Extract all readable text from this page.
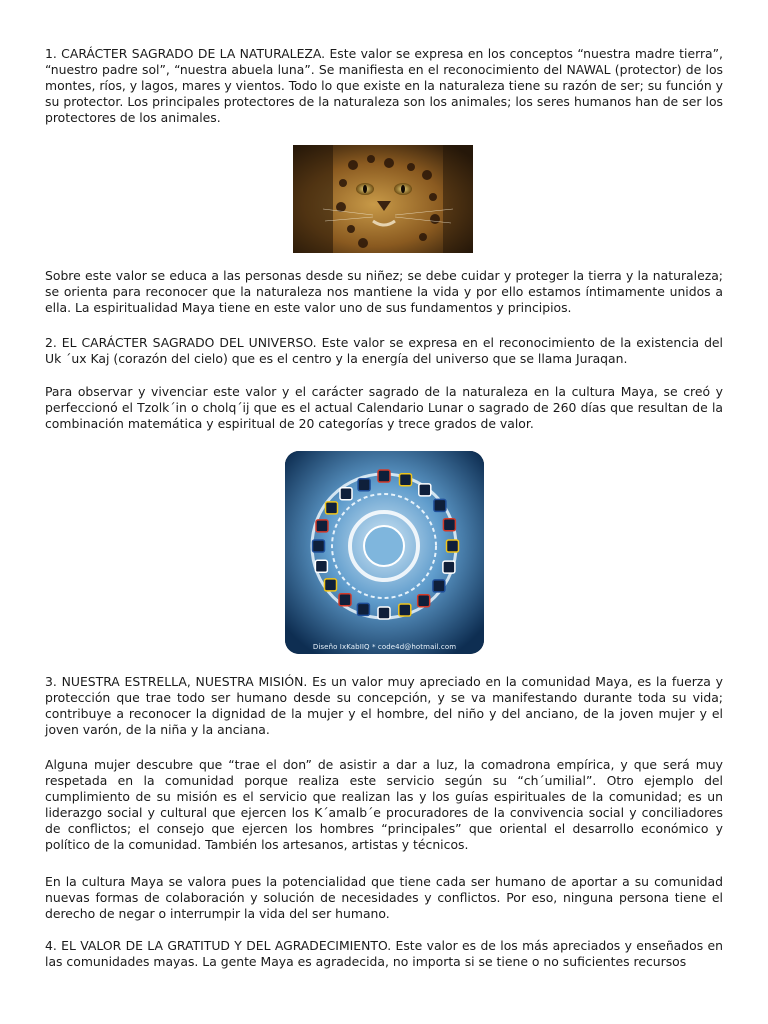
1. CARÁCTER SAGRADO DE LA NATURALEZA. Este valor se expresa en los conceptos “nuestra madre tierra”, “nuestro padre sol”, “nuestra abuela luna”. Se manifiesta en el reconocimiento del NAWAL (protector) de los montes, ríos, y lagos, mares y vientos. Todo lo que existe en la naturaleza tiene su razón de ser; su función y su protector. Los principales protectores de la naturaleza son los animales; los seres humanos han de ser los protectores de los animales.

Sobre este valor se educa a las personas desde su niñez; se debe cuidar y proteger la tierra y la naturaleza; se orienta para reconocer que la naturaleza nos mantiene la vida y por ello estamos íntimamente unidos a ella. La espiritualidad Maya tiene en este valor uno de sus fundamentos y principios.

2. EL CARÁCTER SAGRADO DEL UNIVERSO. Este valor se expresa en el reconocimiento de la existencia del Uk ´ux Kaj (corazón del cielo) que es el centro y la energía del universo que se llama Juraqan.

Para observar y vivenciar este valor y el carácter sagrado de la naturaleza en la cultura Maya, se creó y perfeccionó el Tzolk´in o cholq´ij que es el actual Calendario Lunar o sagrado de 260 días que resultan de la combinación matemática y espiritual de 20 categorías y trece grados de valor.

Diseño IxKabIIQ * code4d@hotmail.com

3. NUESTRA ESTRELLA, NUESTRA MISIÓN. Es un valor muy apreciado en la comunidad Maya, es la fuerza y protección que trae todo ser humano desde su concepción, y se va manifestando durante toda su vida; contribuye a reconocer la dignidad de la mujer y el hombre, del niño y del anciano, de la joven mujer y el joven varón, de la niña y la anciana.

Alguna mujer descubre que “trae el don” de asistir a dar a luz, la comadrona empírica, y que será muy respetada en la comunidad porque realiza este servicio según su “ch´umilial”. Otro ejemplo del cumplimiento de su misión es el servicio que realizan las y los guías espirituales de la comunidad; es un liderazgo social y cultural que ejercen los K´amalb´e procuradores de la convivencia social y conciliadores de conflictos; el consejo que ejercen los hombres “principales” que oriental el desarrollo económico y político de la comunidad. También los artesanos, artistas y técnicos.

En la cultura Maya se valora pues la potencialidad que tiene cada ser humano de aportar a su comunidad nuevas formas de colaboración y solución de necesidades y conflictos. Por eso, ninguna persona tiene el derecho de negar o interrumpir la vida del ser humano.

4. EL VALOR DE LA GRATITUD Y DEL AGRADECIMIENTO. Este valor es de los más apreciados y enseñados en las comunidades mayas. La gente Maya es agradecida, no importa si se tiene o no suficientes recursos
